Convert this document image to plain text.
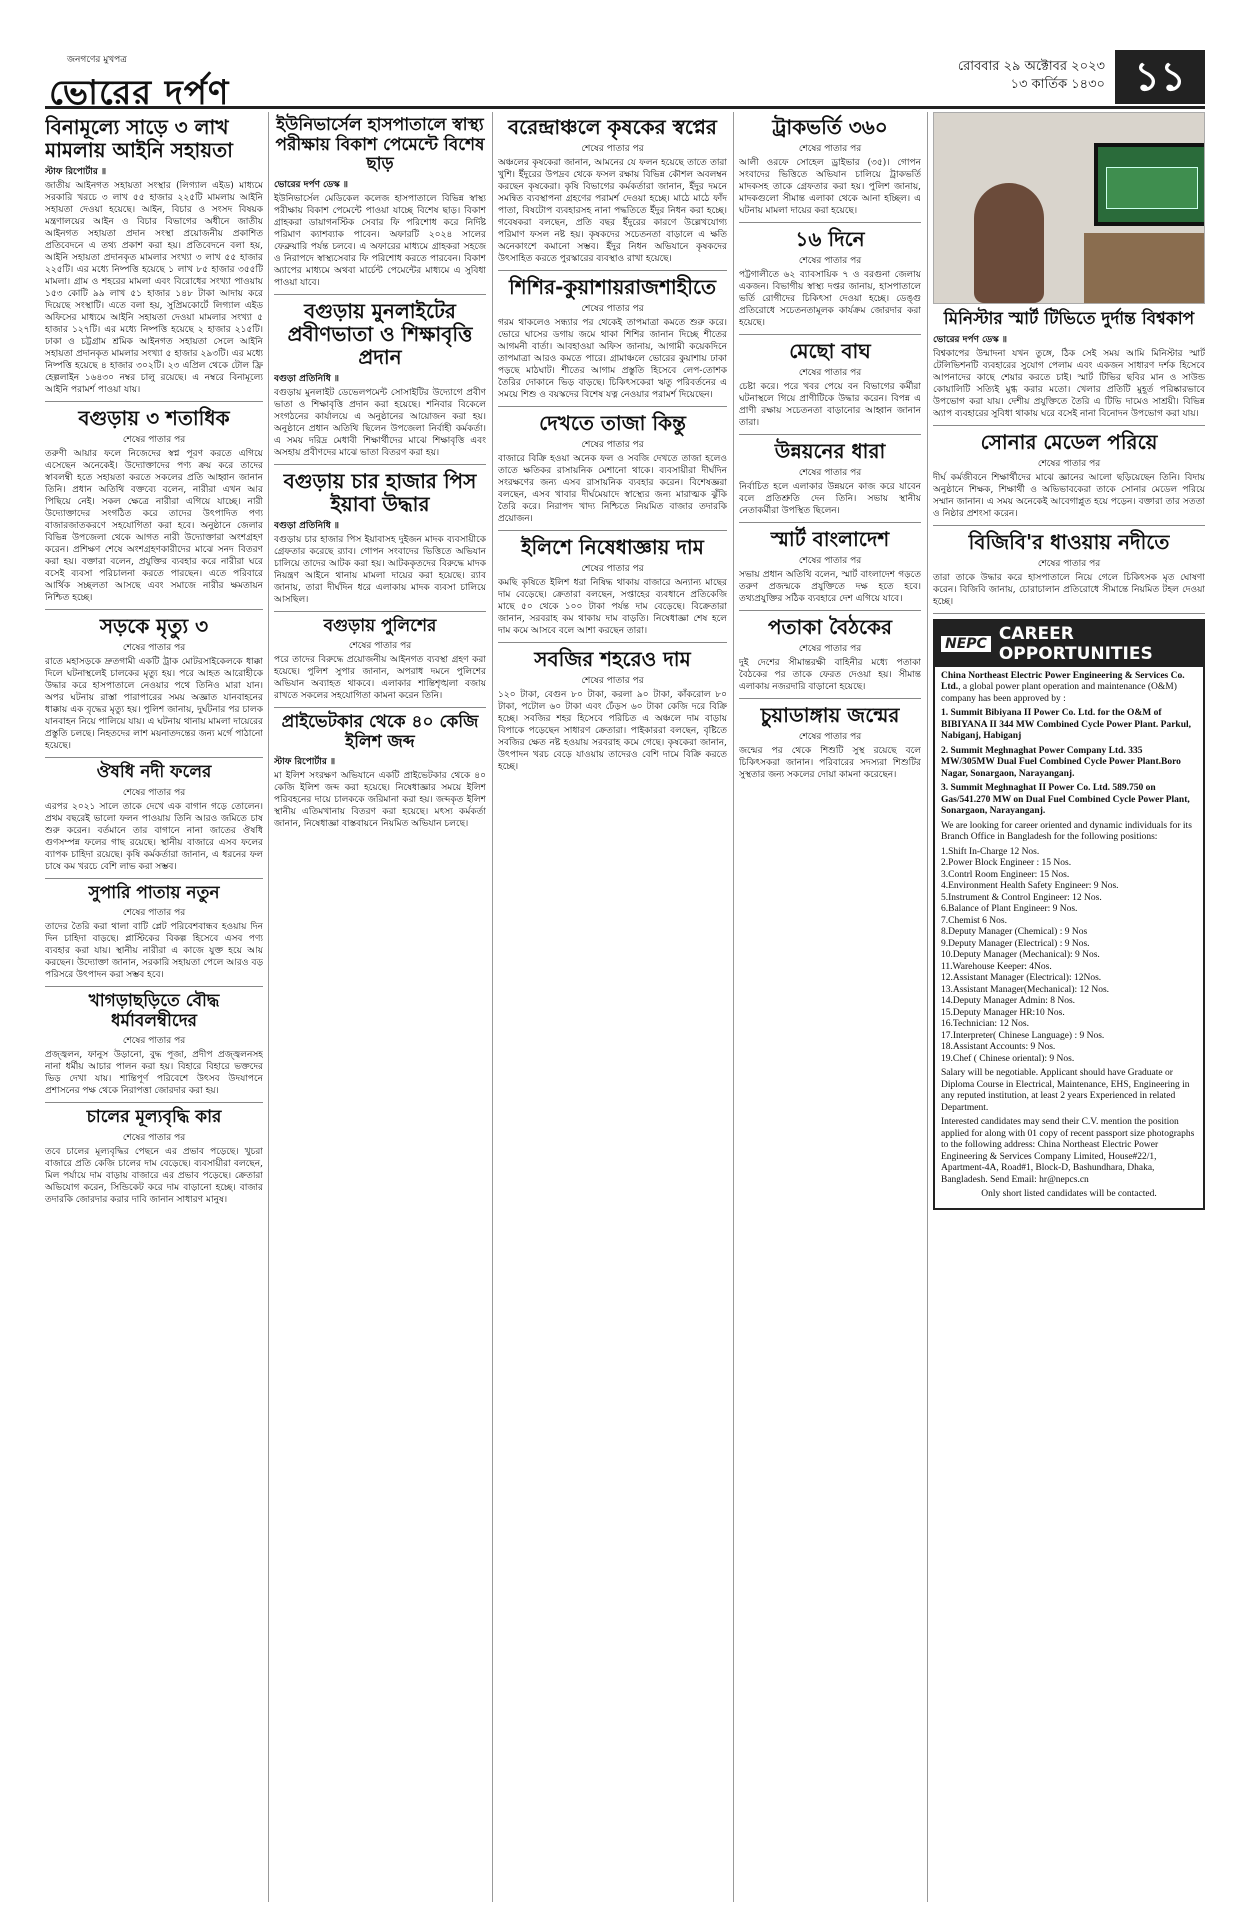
জনগণের মুখপত্র
ভোরের দর্পণ
রোববার ২৯ অক্টোবর ২০২৩
১৩ কার্তিক ১৪৩০ ১১
বিনামূল্যে সাড়ে ৩ লাখ মামলায় আইনি সহায়তা
স্টাফ রিপোর্টার ॥

জাতীয় আইনগত সহায়তা সংস্থার (লিগ্যাল এইড) মাধ্যমে সরকারি খরচে ৩ লাখ ৫৫ হাজার ২২৫টি মামলায় আইনি সহায়তা দেওয়া হয়েছে। আইন, বিচার ও সংসদ বিষয়ক মন্ত্রণালয়ের আইন ও বিচার বিভাগের অধীনে জাতীয় আইনগত সহায়তা প্রদান সংস্থা প্রয়োজনীয় প্রকাশিত প্রতিবেদনে এ তথ্য প্রকাশ করা হয়। প্রতিবেদনে বলা হয়, আইনি সহায়তা প্রদানকৃত মামলার সংখ্যা ৩ লাখ ৫৫ হাজার ২২৫টি। এর মধ্যে নিষ্পত্তি হয়েছে ১ লাখ ৮৫ হাজার ৩৫৫টি মামলা। গ্রাম ও শহরের মামলা এবং বিরোধের সংখ্যা পাওয়ায় ১৫৩ কোটি ৯৯ লাখ ৫১ হাজার ১৪৮ টাকা আদায় করে দিয়েছে সংস্থাটি। এতে বলা হয়, সুপ্রিমকোর্টে লিগ্যাল এইড অফিসের মাধ্যমে আইনি সহায়তা দেওয়া মামলার সংখ্যা ৫ হাজার ১২৭টি। এর মধ্যে নিষ্পত্তি হয়েছে ২ হাজার ২১৫টি। ঢাকা ও চট্টগ্রাম শ্রমিক আইনগত সহায়তা সেলে আইনি সহায়তা প্রদানকৃত মামলার সংখ্যা ৫ হাজার ২৯৩টি। এর মধ্যে নিষ্পত্তি হয়েছে ৪ হাজার ৩০২টি। ২৩ এপ্রিল থেকে টোল ফ্রি হেল্পলাইন ১৬৪৩০ নম্বর চালু রয়েছে। এ নম্বরে বিনামূল্যে আইনি পরামর্শ পাওয়া যায়।

বগুড়ায় ৩ শতাধিক
শেষের পাতার পর

তরুণী আয়ার ফলে নিজেদের স্বপ্ন পূরণ করতে এগিয়ে এসেছেন অনেকেই। উদ্যোক্তাদের পণ্য ক্রয় করে তাদের স্বাবলম্বী হতে সহায়তা করতে সকলের প্রতি আহ্বান জানান তিনি। প্রধান অতিথি বক্তব্যে বলেন, নারীরা এখন আর পিছিয়ে নেই। সকল ক্ষেত্রে নারীরা এগিয়ে যাচ্ছে। নারী উদ্যোক্তাদের সংগঠিত করে তাদের উৎপাদিত পণ্য বাজারজাতকরণে সহযোগিতা করা হবে। অনুষ্ঠানে জেলার বিভিন্ন উপজেলা থেকে আগত নারী উদ্যোক্তারা অংশগ্রহণ করেন। প্রশিক্ষণ শেষে অংশগ্রহণকারীদের মাঝে সনদ বিতরণ করা হয়। বক্তারা বলেন, প্রযুক্তির ব্যবহার করে নারীরা ঘরে বসেই ব্যবসা পরিচালনা করতে পারছেন। এতে পরিবারে আর্থিক সচ্ছলতা আসছে এবং সমাজে নারীর ক্ষমতায়ন নিশ্চিত হচ্ছে।

সড়কে মৃত্যু ৩
শেষের পাতার পর

রাতে মহাসড়কে দ্রুতগামী একটি ট্রাক মোটরসাইকেলকে ধাক্কা দিলে ঘটনাস্থলেই চালকের মৃত্যু হয়। পরে আহত আরোহীকে উদ্ধার করে হাসপাতালে নেওয়ার পথে তিনিও মারা যান। অপর ঘটনায় রাস্তা পারাপারের সময় অজ্ঞাত যানবাহনের ধাক্কায় এক বৃদ্ধের মৃত্যু হয়। পুলিশ জানায়, দুর্ঘটনার পর চালক যানবাহন নিয়ে পালিয়ে যায়। এ ঘটনায় থানায় মামলা দায়েরের প্রস্তুতি চলছে। নিহতদের লাশ ময়নাতদন্তের জন্য মর্গে পাঠানো হয়েছে।

ঔষধি নদী ফলের
শেষের পাতার পর

এরপর ২০২১ সালে তাকে দেখে এক বাগান গড়ে তোলেন। প্রথম বছরেই ভালো ফলন পাওয়ায় তিনি আরও জমিতে চাষ শুরু করেন। বর্তমানে তার বাগানে নানা জাতের ঔষধি গুণসম্পন্ন ফলের গাছ রয়েছে। স্থানীয় বাজারে এসব ফলের ব্যাপক চাহিদা রয়েছে। কৃষি কর্মকর্তারা জানান, এ ধরনের ফল চাষে কম খরচে বেশি লাভ করা সম্ভব।

সুপারি পাতায় নতুন
শেষের পাতার পর

তাদের তৈরি করা থালা বাটি প্লেট পরিবেশবান্ধব হওয়ায় দিন দিন চাহিদা বাড়ছে। প্লাস্টিকের বিকল্প হিসেবে এসব পণ্য ব্যবহার করা যায়। স্থানীয় নারীরা এ কাজে যুক্ত হয়ে আয় করছেন। উদ্যোক্তা জানান, সরকারি সহায়তা পেলে আরও বড় পরিসরে উৎপাদন করা সম্ভব হবে।

খাগড়াছড়িতে বৌদ্ধ ধর্মাবলম্বীদের
শেষের পাতার পর

প্রজ্জ্বলন, ফানুস উড়ানো, বুদ্ধ পূজা, প্রদীপ প্রজ্জ্বলনসহ নানা ধর্মীয় আচার পালন করা হয়। বিহারে বিহারে ভক্তদের ভিড় দেখা যায়। শান্তিপূর্ণ পরিবেশে উৎসব উদযাপনে প্রশাসনের পক্ষ থেকে নিরাপত্তা জোরদার করা হয়।

চালের মূল্যবৃদ্ধি কার
শেষের পাতার পর

তবে চালের মূল্যবৃদ্ধির পেছনে এর প্রভাব পড়েছে। খুচরা বাজারে প্রতি কেজি চালের দাম বেড়েছে। ব্যবসায়ীরা বলছেন, মিল পর্যায়ে দাম বাড়ায় বাজারে এর প্রভাব পড়েছে। ক্রেতারা অভিযোগ করেন, সিন্ডিকেট করে দাম বাড়ানো হচ্ছে। বাজার তদারকি জোরদার করার দাবি জানান সাধারণ মানুষ।

ইউনিভার্সেল হাসপাতালে স্বাস্থ্য পরীক্ষায় বিকাশ পেমেন্টে বিশেষ ছাড়
ভোরের দর্পণ ডেস্ক ॥

ইউনিভার্সেল মেডিকেল কলেজ হাসপাতালে বিভিন্ন স্বাস্থ্য পরীক্ষায় বিকাশ পেমেন্টে পাওয়া যাচ্ছে বিশেষ ছাড়। বিকাশ গ্রাহকরা ডায়াগনস্টিক সেবার ফি পরিশোধ করে নির্দিষ্ট পরিমাণ ক্যাশব্যাক পাবেন। অফারটি ২০২৪ সালের ফেব্রুয়ারি পর্যন্ত চলবে। এ অফারের মাধ্যমে গ্রাহকরা সহজে ও নিরাপদে স্বাস্থ্যসেবার ফি পরিশোধ করতে পারবেন। বিকাশ অ্যাপের মাধ্যমে অথবা মার্চেন্ট পেমেন্টের মাধ্যমে এ সুবিধা পাওয়া যাবে।

বগুড়ায় মুনলাইটের প্রবীণভাতা ও শিক্ষাবৃত্তি প্রদান
বগুড়া প্রতিনিধি ॥

বগুড়ায় মুনলাইট ডেভেলপমেন্ট সোসাইটির উদ্যোগে প্রবীণ ভাতা ও শিক্ষাবৃত্তি প্রদান করা হয়েছে। শনিবার বিকেলে সংগঠনের কার্যালয়ে এ অনুষ্ঠানের আয়োজন করা হয়। অনুষ্ঠানে প্রধান অতিথি ছিলেন উপজেলা নির্বাহী কর্মকর্তা। এ সময় দরিদ্র মেধাবী শিক্ষার্থীদের মাঝে শিক্ষাবৃত্তি এবং অসহায় প্রবীণদের মাঝে ভাতা বিতরণ করা হয়।

বগুড়ায় চার হাজার পিস ইয়াবা উদ্ধার
বগুড়া প্রতিনিধি ॥

বগুড়ায় চার হাজার পিস ইয়াবাসহ দুইজন মাদক ব্যবসায়ীকে গ্রেফতার করেছে র‌্যাব। গোপন সংবাদের ভিত্তিতে অভিযান চালিয়ে তাদের আটক করা হয়। আটককৃতদের বিরুদ্ধে মাদক নিয়ন্ত্রণ আইনে থানায় মামলা দায়ের করা হয়েছে। র‌্যাব জানায়, তারা দীর্ঘদিন ধরে এলাকায় মাদক ব্যবসা চালিয়ে আসছিল।

বগুড়ায় পুলিশের
শেষের পাতার পর

পরে তাদের বিরুদ্ধে প্রয়োজনীয় আইনগত ব্যবস্থা গ্রহণ করা হয়েছে। পুলিশ সুপার জানান, অপরাধ দমনে পুলিশের অভিযান অব্যাহত থাকবে। এলাকার শান্তিশৃঙ্খলা বজায় রাখতে সকলের সহযোগিতা কামনা করেন তিনি।

প্রাইভেটকার থেকে ৪০ কেজি ইলিশ জব্দ
স্টাফ রিপোর্টার ॥

মা ইলিশ সংরক্ষণ অভিযানে একটি প্রাইভেটকার থেকে ৪০ কেজি ইলিশ জব্দ করা হয়েছে। নিষেধাজ্ঞার সময়ে ইলিশ পরিবহনের দায়ে চালককে জরিমানা করা হয়। জব্দকৃত ইলিশ স্থানীয় এতিমখানায় বিতরণ করা হয়েছে। মৎস্য কর্মকর্তা জানান, নিষেধাজ্ঞা বাস্তবায়নে নিয়মিত অভিযান চলছে।

বরেন্দ্রাঞ্চলে কৃষকের স্বপ্নের
শেষের পাতার পর

অঞ্চলের কৃষকেরা জানান, আমনের যে ফলন হয়েছে তাতে তারা খুশি। ইঁদুরের উপদ্রব থেকে ফসল রক্ষায় বিভিন্ন কৌশল অবলম্বন করছেন কৃষকেরা। কৃষি বিভাগের কর্মকর্তারা জানান, ইঁদুর দমনে সমন্বিত ব্যবস্থাপনা গ্রহণের পরামর্শ দেওয়া হচ্ছে। মাঠে মাঠে ফাঁদ পাতা, বিষটোপ ব্যবহারসহ নানা পদ্ধতিতে ইঁদুর নিধন করা হচ্ছে। গবেষকরা বলছেন, প্রতি বছর ইঁদুরের কারণে উল্লেখযোগ্য পরিমাণ ফসল নষ্ট হয়। কৃষকদের সচেতনতা বাড়ালে এ ক্ষতি অনেকাংশে কমানো সম্ভব। ইঁদুর নিধন অভিযানে কৃষকদের উৎসাহিত করতে পুরস্কারের ব্যবস্থাও রাখা হয়েছে।

শিশির-কুয়াশায়রাজশাহীতে
শেষের পাতার পর

গরম থাকলেও সন্ধ্যার পর থেকেই তাপমাত্রা কমতে শুরু করে। ভোরে ঘাসের ডগায় জমে থাকা শিশির জানান দিচ্ছে শীতের আগমনী বার্তা। আবহাওয়া অফিস জানায়, আগামী কয়েকদিনে তাপমাত্রা আরও কমতে পারে। গ্রামাঞ্চলে ভোরের কুয়াশায় ঢাকা পড়ছে মাঠঘাট। শীতের আগাম প্রস্তুতি হিসেবে লেপ-তোশক তৈরির দোকানে ভিড় বাড়ছে। চিকিৎসকেরা ঋতু পরিবর্তনের এ সময়ে শিশু ও বয়স্কদের বিশেষ যত্ন নেওয়ার পরামর্শ দিয়েছেন।

দেখতে তাজা কিন্তু
শেষের পাতার পর

বাজারে বিক্রি হওয়া অনেক ফল ও সবজি দেখতে তাজা হলেও তাতে ক্ষতিকর রাসায়নিক মেশানো থাকে। ব্যবসায়ীরা দীর্ঘদিন সংরক্ষণের জন্য এসব রাসায়নিক ব্যবহার করেন। বিশেষজ্ঞরা বলছেন, এসব খাবার দীর্ঘমেয়াদে স্বাস্থ্যের জন্য মারাত্মক ঝুঁকি তৈরি করে। নিরাপদ খাদ্য নিশ্চিতে নিয়মিত বাজার তদারকি প্রয়োজন।

ইলিশে নিষেধাজ্ঞায় দাম
শেষের পাতার পর

কমছি কৃষিতে ইলিশ ধরা নিষিদ্ধ থাকায় বাজারে অন্যান্য মাছের দাম বেড়েছে। ক্রেতারা বলছেন, সপ্তাহের ব্যবধানে প্রতিকেজি মাছে ৫০ থেকে ১০০ টাকা পর্যন্ত দাম বেড়েছে। বিক্রেতারা জানান, সরবরাহ কম থাকায় দাম বাড়তি। নিষেধাজ্ঞা শেষ হলে দাম কমে আসবে বলে আশা করছেন তারা।

সবজির শহরেও দাম
শেষের পাতার পর

১২০ টাকা, বেগুন ৮০ টাকা, করলা ৯০ টাকা, কাঁকরোল ৮০ টাকা, পটোল ৬০ টাকা এবং ঢেঁড়স ৬০ টাকা কেজি দরে বিক্রি হচ্ছে। সবজির শহর হিসেবে পরিচিত এ অঞ্চলে দাম বাড়ায় বিপাকে পড়েছেন সাধারণ ক্রেতারা। পাইকাররা বলছেন, বৃষ্টিতে সবজির ক্ষেত নষ্ট হওয়ায় সরবরাহ কমে গেছে। কৃষকেরা জানান, উৎপাদন খরচ বেড়ে যাওয়ায় তাদেরও বেশি দামে বিক্রি করতে হচ্ছে।

ট্রাকভর্তি ৩৬০
শেষের পাতার পর

আলী ওরফে সোহেল ড্রাইভার (৩৫)। গোপন সংবাদের ভিত্তিতে অভিযান চালিয়ে ট্রাকভর্তি মাদকসহ তাকে গ্রেফতার করা হয়। পুলিশ জানায়, মাদকগুলো সীমান্ত এলাকা থেকে আনা হচ্ছিল। এ ঘটনায় মামলা দায়ের করা হয়েছে।

১৬ দিনে
শেষের পাতার পর

পট্টগালীতে ৬২ ব্যাবসায়িক ৭ ও বরগুনা জেলায় একজন। বিভাগীয় স্বাস্থ্য দপ্তর জানায়, হাসপাতালে ভর্তি রোগীদের চিকিৎসা দেওয়া হচ্ছে। ডেঙ্গু প্রতিরোধে সচেতনতামূলক কার্যক্রম জোরদার করা হয়েছে।

মেছো বাঘ
শেষের পাতার পর

চেষ্টা করে। পরে খবর পেয়ে বন বিভাগের কর্মীরা ঘটনাস্থলে গিয়ে প্রাণীটিকে উদ্ধার করেন। বিপন্ন এ প্রাণী রক্ষায় সচেতনতা বাড়ানোর আহ্বান জানান তারা।

উন্নয়নের ধারা
শেষের পাতার পর

নির্বাচিত হলে এলাকার উন্নয়নে কাজ করে যাবেন বলে প্রতিশ্রুতি দেন তিনি। সভায় স্থানীয় নেতাকর্মীরা উপস্থিত ছিলেন।

স্মার্ট বাংলাদেশ
শেষের পাতার পর

সভায় প্রধান অতিথি বলেন, স্মার্ট বাংলাদেশ গড়তে তরুণ প্রজন্মকে প্রযুক্তিতে দক্ষ হতে হবে। তথ্যপ্রযুক্তির সঠিক ব্যবহারে দেশ এগিয়ে যাবে।

পতাকা বৈঠকের
শেষের পাতার পর

দুই দেশের সীমান্তরক্ষী বাহিনীর মধ্যে পতাকা বৈঠকের পর তাকে ফেরত দেওয়া হয়। সীমান্ত এলাকায় নজরদারি বাড়ানো হয়েছে।

চুয়াডাঙ্গায় জন্মের
শেষের পাতার পর

জন্মের পর থেকে শিশুটি সুস্থ রয়েছে বলে চিকিৎসকরা জানান। পরিবারের সদস্যরা শিশুটির সুস্থতার জন্য সকলের দোয়া কামনা করেছেন।

মিনিস্টার স্মার্ট টিভিতে দুর্দান্ত বিশ্বকাপ
ভোরের দর্পণ ডেস্ক ॥

বিশ্বকাপের উন্মাদনা যখন তুঙ্গে, ঠিক সেই সময় আমি মিনিস্টার স্মার্ট টেলিভিশনটি ব্যবহারের সুযোগ পেলাম এবং একজন সাধারণ দর্শক হিসেবে আপনাদের কাছে শেয়ার করতে চাই। স্মার্ট টিভির ছবির মান ও সাউন্ড কোয়ালিটি সত্যিই মুগ্ধ করার মতো। খেলার প্রতিটি মুহূর্ত পরিষ্কারভাবে উপভোগ করা যায়। দেশীয় প্রযুক্তিতে তৈরি এ টিভি দামেও সাশ্রয়ী। বিভিন্ন অ্যাপ ব্যবহারের সুবিধা থাকায় ঘরে বসেই নানা বিনোদন উপভোগ করা যায়।

সোনার মেডেল পরিয়ে
শেষের পাতার পর

দীর্ঘ কর্মজীবনে শিক্ষার্থীদের মাঝে জ্ঞানের আলো ছড়িয়েছেন তিনি। বিদায় অনুষ্ঠানে শিক্ষক, শিক্ষার্থী ও অভিভাবকেরা তাকে সোনার মেডেল পরিয়ে সম্মান জানান। এ সময় অনেকেই আবেগাপ্লুত হয়ে পড়েন। বক্তারা তার সততা ও নিষ্ঠার প্রশংসা করেন।

বিজিবি'র ধাওয়ায় নদীতে
শেষের পাতার পর

তারা তাকে উদ্ধার করে হাসপাতালে নিয়ে গেলে চিকিৎসক মৃত ঘোষণা করেন। বিজিবি জানায়, চোরাচালান প্রতিরোধে সীমান্তে নিয়মিত টহল দেওয়া হচ্ছে।

NEPC CAREER OPPORTUNITIES

China Northeast Electric Power Engineering & Services Co. Ltd., a global power plant operation and maintenance (O&M) company has been approved by :

1. Summit Bibiyana II Power Co. Ltd. for the O&M of BIBIYANA II 344 MW Combined Cycle Power Plant. Parkul, Nabiganj, Habiganj

2. Summit Meghnaghat Power Company Ltd. 335 MW/305MW Dual Fuel Combined Cycle Power Plant.Boro Nagar, Sonargaon, Narayanganj.

3. Summit Meghnaghat II Power Co. Ltd. 589.750 on Gas/541.270 MW on Dual Fuel Combined Cycle Power Plant, Sonargaon, Narayanganj.

We are looking for career oriented and dynamic individuals for its Branch Office in Bangladesh for the following positions:

1.Shift In-Charge 12 Nos.
2.Power Block Engineer : 15 Nos.
3.Contrl Room Engineer: 15 Nos.
4.Environment Health Safety Engineer: 9 Nos.
5.Instrument & Control Engineer: 12 Nos.
6.Balance of Plant Engineer: 9 Nos.
7.Chemist 6 Nos.
8.Deputy Manager (Chemical) : 9 Nos
9.Deputy Manager (Electrical) : 9 Nos.
10.Deputy Manager (Mechanical): 9 Nos.
11.Warehouse Keeper: 4Nos.
12.Assistant Manager (Electrical): 12Nos.
13.Assistant Manager(Mechanical): 12 Nos.
14.Deputy Manager Admin: 8 Nos.
15.Deputy Manager HR:10 Nos.
16.Technician: 12 Nos.
17.Interpreter( Chinese Language) : 9 Nos.
18.Assistant Accounts: 9 Nos.
19.Chef ( Chinese oriental): 9 Nos.

Salary will be negotiable. Applicant should have Graduate or Diploma Course in Electrical, Maintenance, EHS, Engineering in any reputed institution, at least 2 years Experienced in related Department.

Interested candidates may send their C.V. mention the position applied for along with 01 copy of recent passport size photographs to the following address: China Northeast Electric Power Engineering & Services Company Limited, House#22/1, Apartment-4A, Road#1, Block-D, Bashundhara, Dhaka, Bangladesh. Send Email: hr@nepcs.cn

Only short listed candidates will be contacted.
